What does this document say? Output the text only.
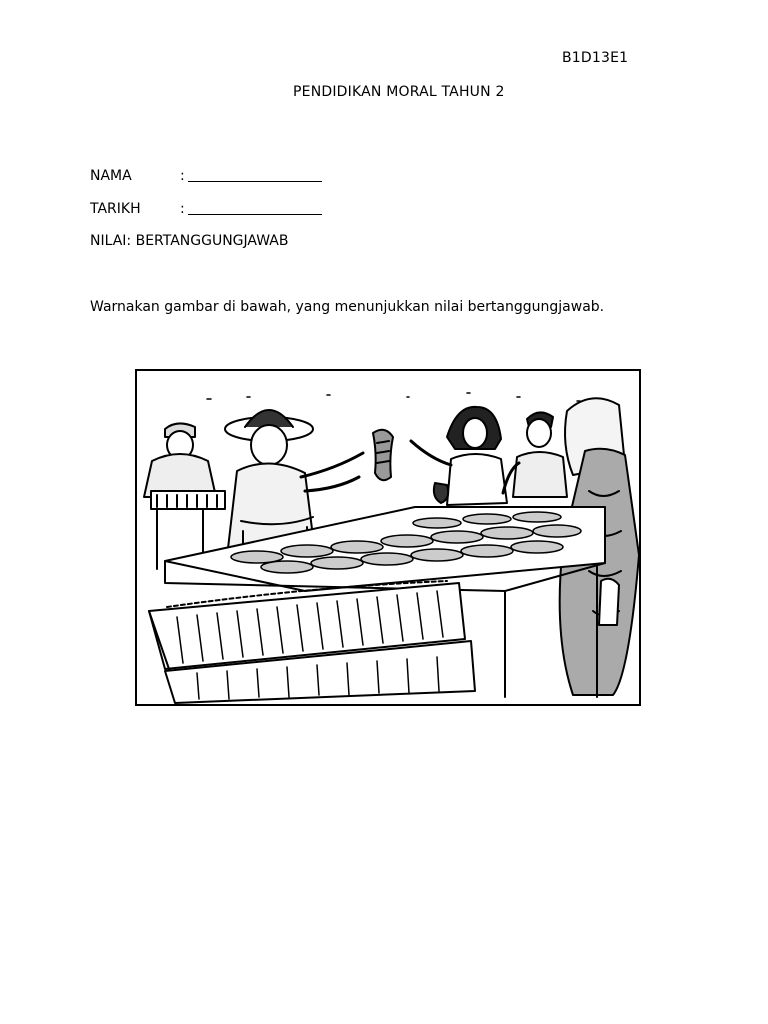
B1D13E1
PENDIDIKAN MORAL TAHUN 2
NAMA	:
TARIKH	:
NILAI: BERTANGGUNGJAWAB
Warnakan gambar di bawah, yang menunjukkan nilai bertanggungjawab.
